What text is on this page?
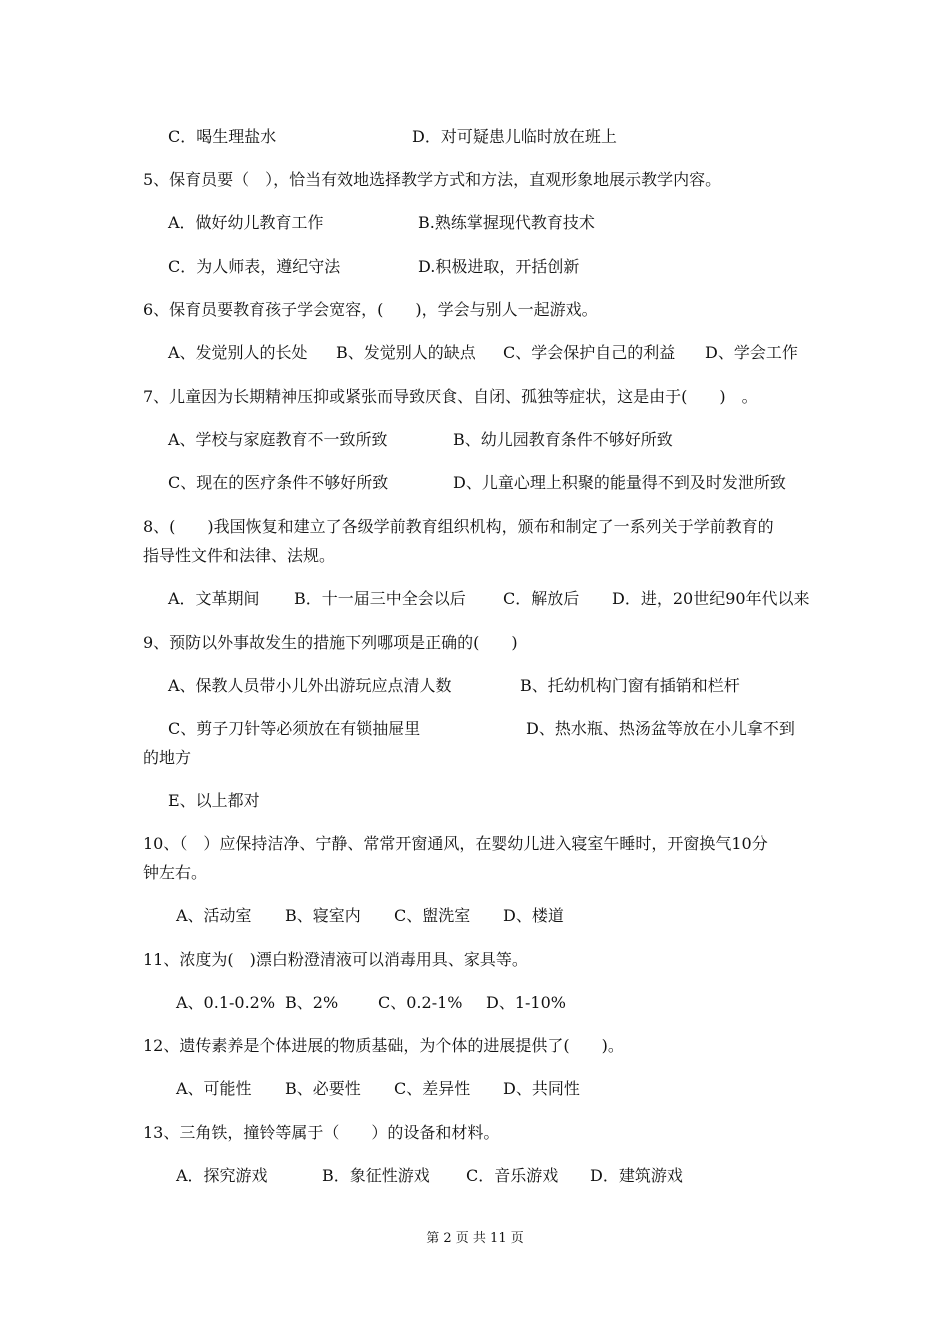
C．喝生理盐水	D．对可疑患儿临时放在班上
5、保育员要（　），恰当有效地选择教学方式和方法，直观形象地展示教学内容。
A．做好幼儿教育工作	B.熟练掌握现代教育技术
C．为人师表，遵纪守法	D.积极进取，开括创新
6、保育员要教育孩子学会宽容，(　　)，学会与别人一起游戏。
A、发觉别人的长处 B、发觉别人的缺点 C、学会保护自己的利益 D、学会工作
7、儿童因为长期精神压抑或紧张而导致厌食、自闭、孤独等症状，这是由于(　　)　。
A、学校与家庭教育不一致所致	B、幼儿园教育条件不够好所致
C、现在的医疗条件不够好所致	D、儿童心理上积聚的能量得不到及时发泄所致
8、(　　)我国恢复和建立了各级学前教育组织机构，颁布和制定了一系列关于学前教育的
指导性文件和法律、法规。
A．文革期间 B．十一届三中全会以后 C．解放后 D．进，20世纪90年代以来
9、预防以外事故发生的措施下列哪项是正确的(　　)
A、保教人员带小儿外出游玩应点清人数	B、托幼机构门窗有插销和栏杆
C、剪子刀针等必须放在有锁抽屉里	D、热水瓶、热汤盆等放在小儿拿不到
的地方
E、以上都对
10、（　）应保持洁净、宁静、常常开窗通风，在婴幼儿进入寝室午睡时，开窗换气10分
钟左右。
A、活动室 B、寝室内 C、盥洗室 D、楼道
11、浓度为(　)漂白粉澄清液可以消毒用具、家具等。
A、0.1-0.2% B、2% C、0.2-1% D、1-10%
12、遗传素养是个体进展的物质基础，为个体的进展提供了(　　)。
A、可能性 B、必要性 C、差异性 D、共同性
13、三角铁，撞铃等属于（　　）的设备和材料。
A．探究游戏	B．象征性游戏 C．音乐游戏 D．建筑游戏
第 2 页 共 11 页
